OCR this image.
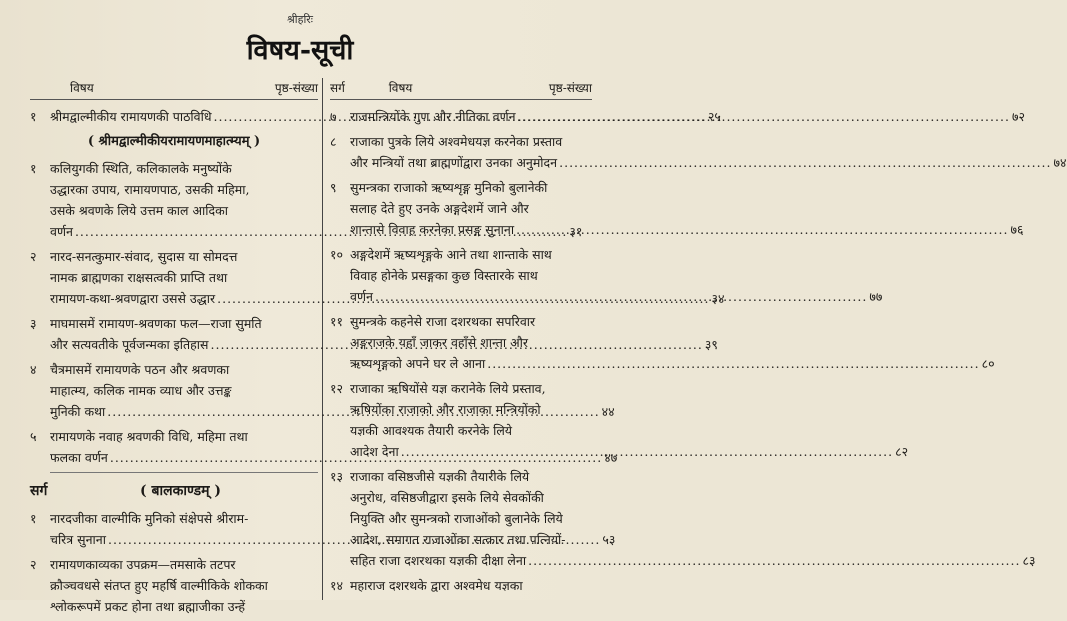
श्रीहरिः
विषय-सूची
विषय	पृष्ठ-संख्या
१	श्रीमद्वाल्मीकीय रामायणकी पाठविधि .....	२५
( श्रीमद्वाल्मीकीयरामायणमाहात्म्यम् )
१	कलियुगकी स्थिति, कलिकालके मनुष्योंके
उद्धारका उपाय, रामायणपाठ, उसकी महिमा,
उसके श्रवणके लिये उत्तम काल आदिका
वर्णन .....	३१
२	नारद-सनत्कुमार-संवाद, सुदास या सोमदत्त
नामक ब्राह्मणका राक्षसत्वकी प्राप्ति तथा
रामायण-कथा-श्रवणद्वारा उससे उद्धार .....	३४
३	माघमासमें रामायण-श्रवणका फल—राजा सुमति
और सत्यवतीके पूर्वजन्मका इतिहास .....	३९
४	चैत्रमासमें रामायणके पठन और श्रवणका
माहात्म्य, कलिक नामक व्याध और उत्तङ्क
मुनिकी कथा .....	४४
५	रामायणके नवाह श्रवणकी विधि, महिमा तथा
फलका वर्णन .....	४७
सर्ग	( बालकाण्डम् )
१	नारदजीका वाल्मीकि मुनिको संक्षेपसे श्रीराम-
चरित्र सुनाना .....	५३
२	रामायणकाव्यका उपक्रम—तमसाके तटपर
क्रौञ्चवधसे संतप्त हुए महर्षि वाल्मीकिके शोकका
श्लोकरूपमें प्रकट होना तथा ब्रह्माजीका उन्हें
सर्ग	विषय	पृष्ठ-संख्या
७	राजमन्त्रियोंके गुण और नीतिका वर्णन .....	७२
८	राजाका पुत्रके लिये अश्वमेधयज्ञ करनेका प्रस्ताव
और मन्त्रियों तथा ब्राह्मणोंद्वारा उनका अनुमोदन .....	७४
९	सुमन्त्रका राजाको ऋष्यशृङ्ग मुनिको बुलानेकी
सलाह देते हुए उनके अङ्गदेशमें जाने और
शान्तासे विवाह करनेका प्रसङ्ग सुनाना .....	७६
१० अङ्गदेशमें ऋष्यशृङ्गके आने तथा शान्ताके साथ
विवाह होनेके प्रसङ्गका कुछ विस्तारके साथ
वर्णन .....	७७
११ सुमन्त्रके कहनेसे राजा दशरथका सपरिवार
अङ्गराजके यहाँ जाकर वहाँसे शान्ता और
ऋष्यशृङ्गको अपने घर ले आना .....	८०
१२ राजाका ऋषियोंसे यज्ञ करानेके लिये प्रस्ताव,
ऋषियोंका राजाको और राजाका मन्त्रियोंको
यज्ञकी आवश्यक तैयारी करनेके लिये
आदेश देना .....	८२
१३ राजाका वसिष्ठजीसे यज्ञकी तैयारीके लिये
अनुरोध, वसिष्ठजीद्वारा इसके लिये सेवकोंकी
नियुक्ति और सुमन्त्रको राजाओंको बुलानेके लिये
आदेश, समागत राजाओंका सत्कार तथा पत्नियों-
सहित राजा दशरथका यज्ञकी दीक्षा लेना .....	८३
१४ महाराज दशरथके द्वारा अश्वमेध यज्ञका
